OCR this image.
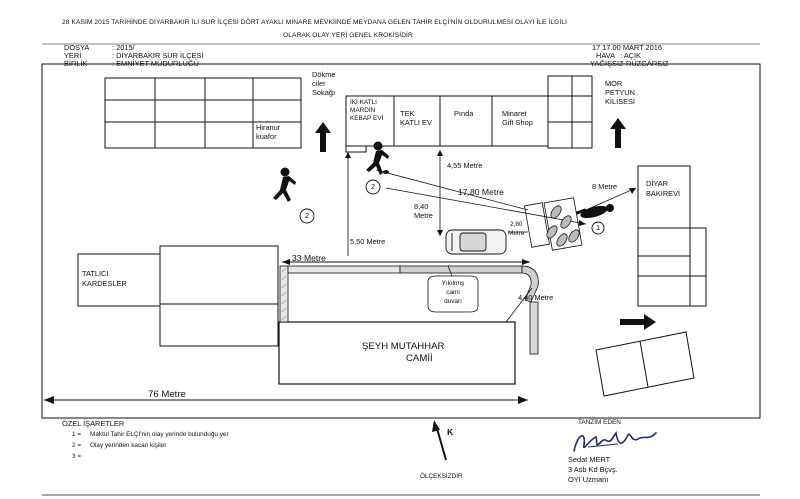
28 KASIM 2015 TARİHİNDE DİYARBAKIR İLİ SUR İLÇESİ DÖRT AYAKLI MİNARE MEVKİİNDE MEYDANA GELEN TAHİR ELÇİ'NİN OLDURULMESİ OLAYI İLE İLGİLİ
OLARAK OLAY YERİ GENEL KROKİSİDİR
DOSYA	: 2015/
YERİ	: DİYARBAKIR SUR İLÇESİ
BİRLİK	: EMNİYET MÜDÜRLÜĞÜ
17 17.00 MART 2016
HAVA : AÇIK
YAĞIŞSIZ-RÜZGARSIZ
Dökme
ciler
Sokağı
İKİ KATLI
MARDİN
KEBAP EVİ
TEK
KATLI EV
Pında	Minaret
Gift Shop
MOR
PETYUN
KİLİSESİ
Hiranur
kuafor
DİYAR
BAKIREVİ
TATLICI
KARDESLER	Yıkılmış
cami
duvarı
ŞEYH MUTAHHAR
CAMİİ
4,55 Metre
17,80 Metre
8 Metre
8,40
Metre
2,80
Metre
5,50 Metre
33 Metre
4,40 Metre
76 Metre
2
2
1
ÖZEL İŞARETLER
1 = Maktul Tahir ELÇİ'nin olay yerinde bulunduğu yer
2 = Olay yerinden kacan kişiler
3 =
K
ÖLÇEKSİZDİR
TANZİM EDEN
Sedat MERT
3 Asb Kd Bçvş.
OYİ Uzmanı
